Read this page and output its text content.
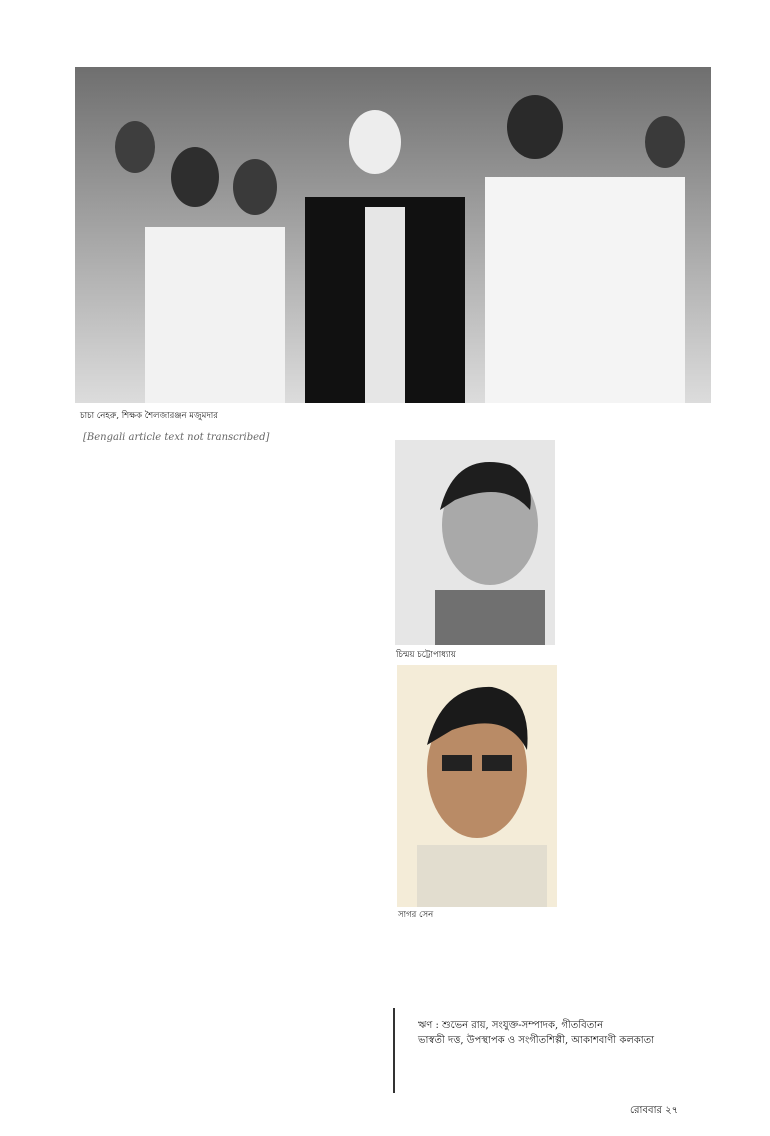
চাচা নেহরু, শিক্ষক শৈলজারঞ্জন মজুমদার
[Bengali article text not transcribed]
চিন্ময় চট্টোপাধ্যায়
সাগর সেন
ঋণ : শুভেন রায়, সংযুক্ত-সম্পাদক, গীতবিতান
ভাস্বতী দত্ত, উপস্থাপক ও সংগীতশিল্পী, আকাশবাণী কলকাতা
রোববার ২৭
